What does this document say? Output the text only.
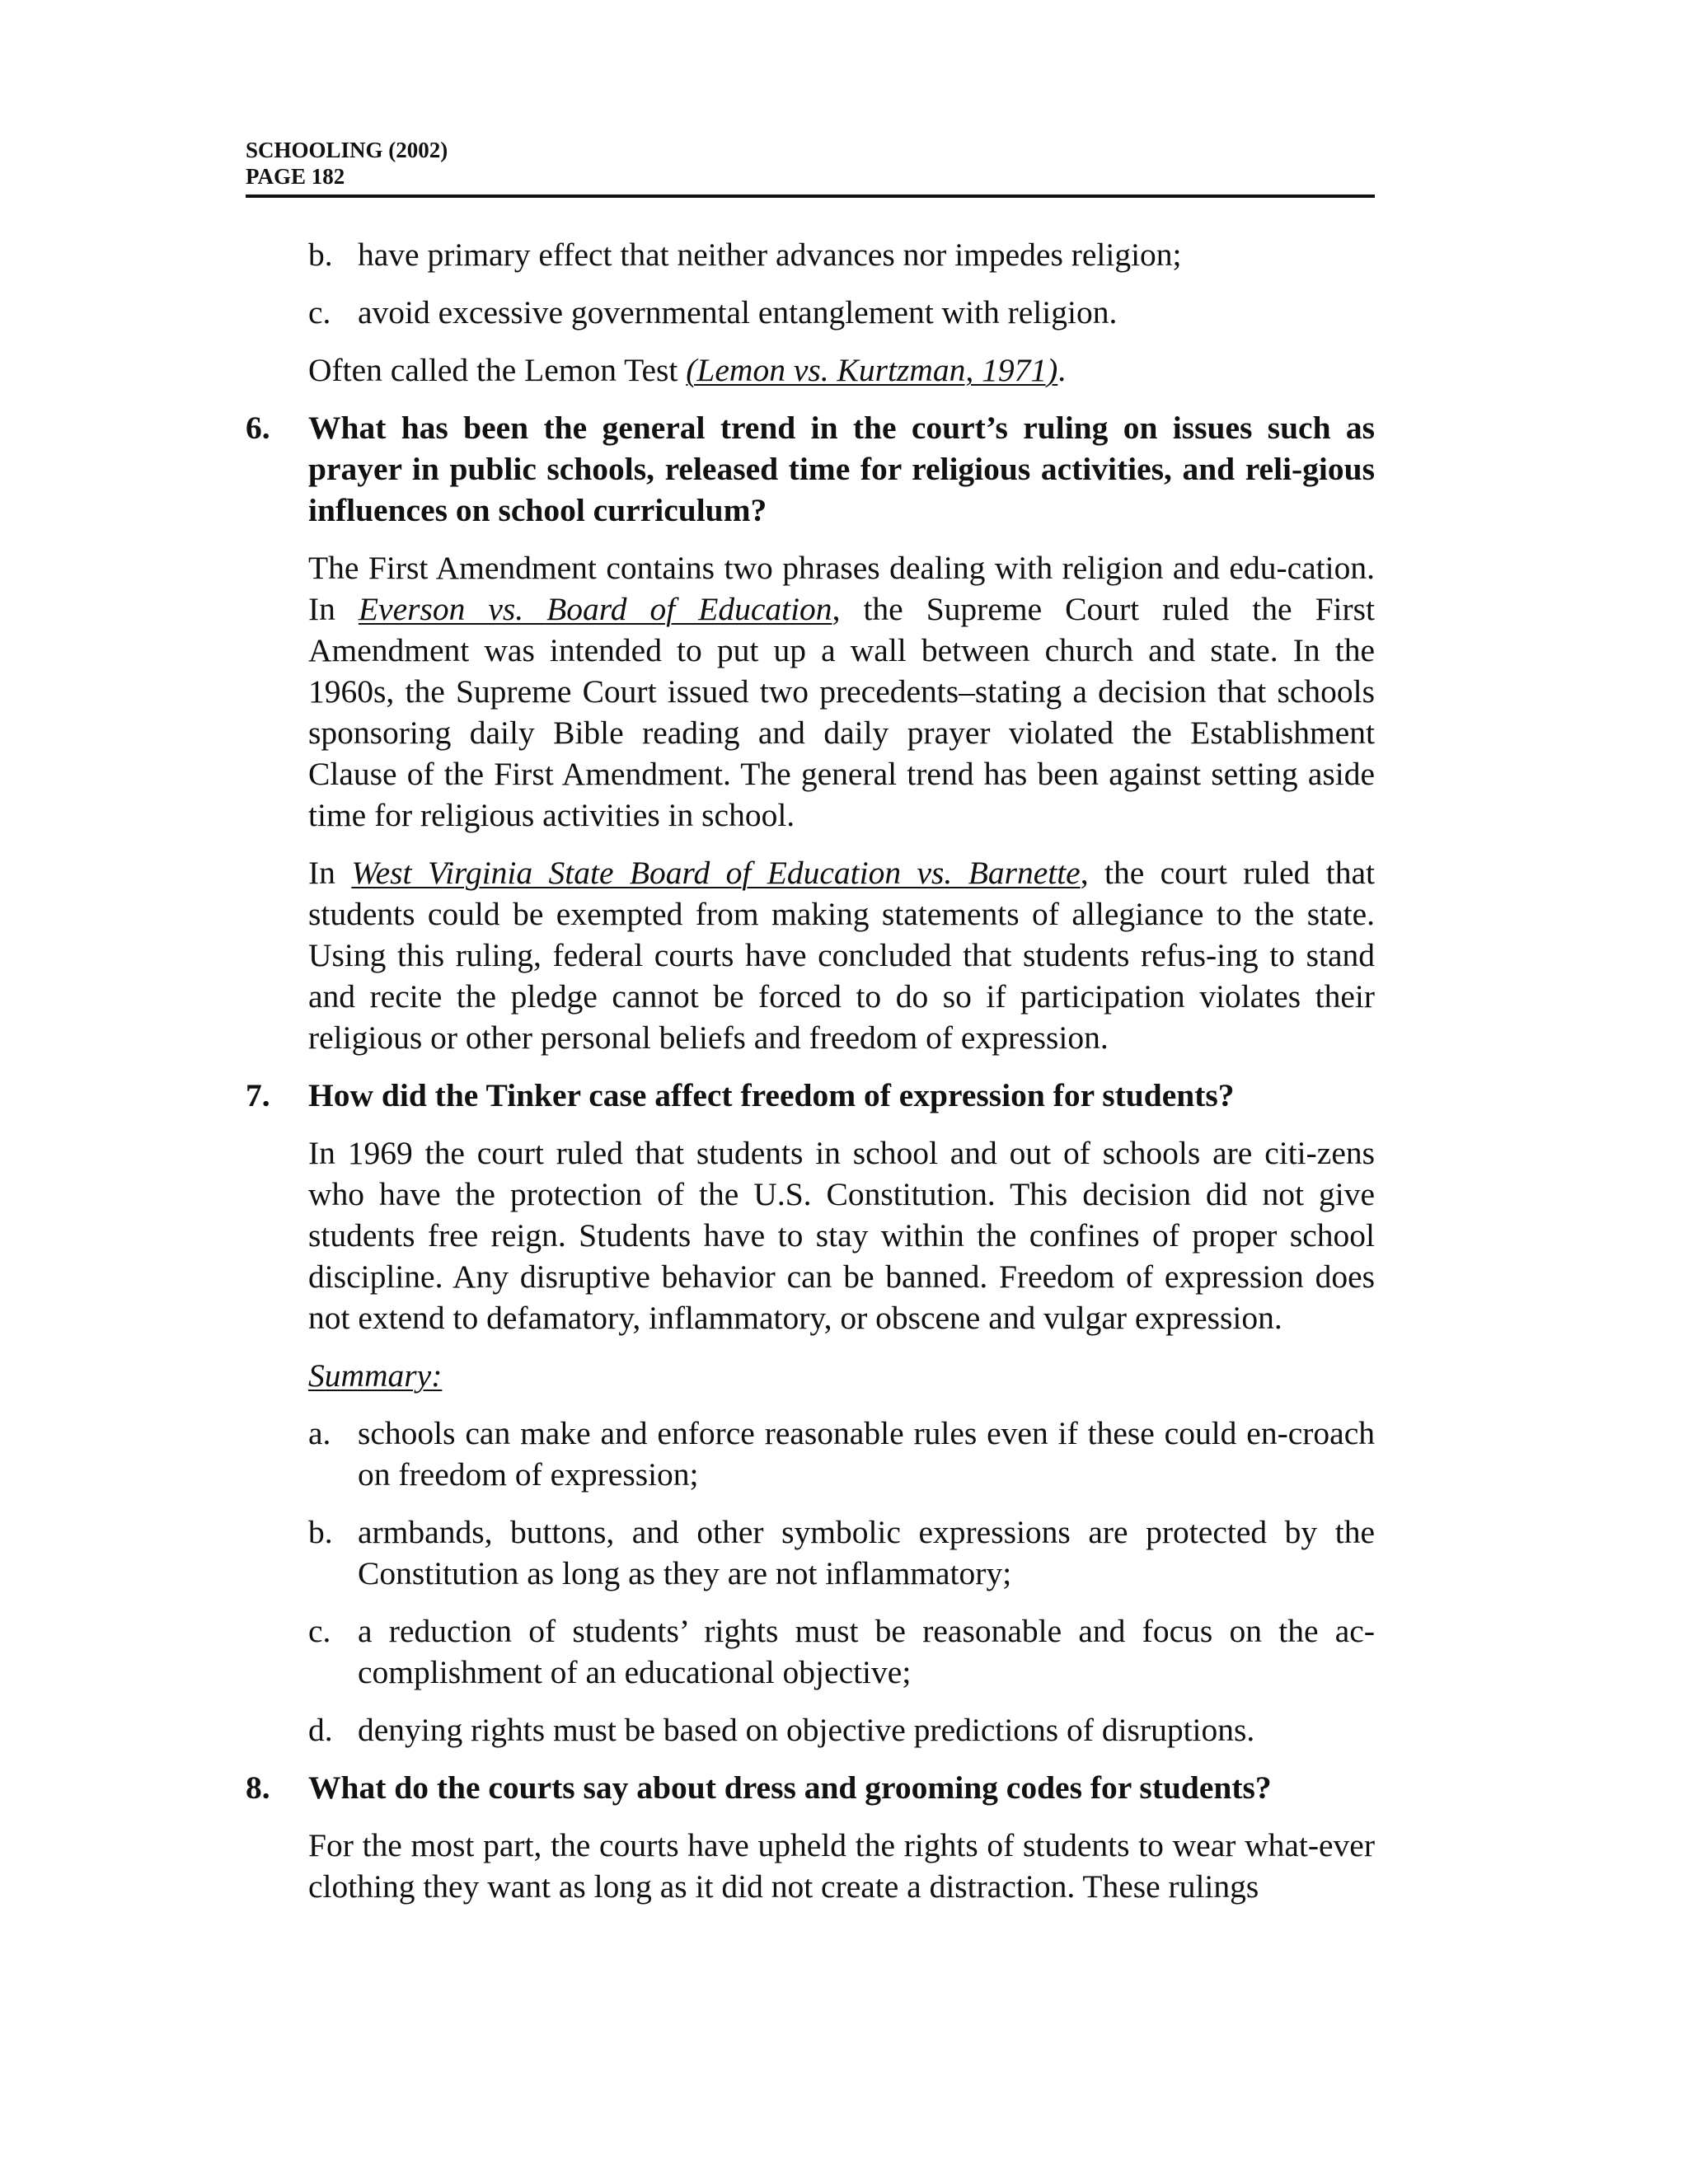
SCHOOLING (2002)
PAGE 182
b. have primary effect that neither advances nor impedes religion;
c. avoid excessive governmental entanglement with religion.
Often called the Lemon Test (Lemon vs. Kurtzman, 1971).
6. What has been the general trend in the court’s ruling on issues such as prayer in public schools, released time for religious activities, and reli-gious influences on school curriculum?
The First Amendment contains two phrases dealing with religion and edu-cation. In Everson vs. Board of Education, the Supreme Court ruled the First Amendment was intended to put up a wall between church and state. In the 1960s, the Supreme Court issued two precedents–stating a decision that schools sponsoring daily Bible reading and daily prayer violated the Establishment Clause of the First Amendment. The general trend has been against setting aside time for religious activities in school.
In West Virginia State Board of Education vs. Barnette, the court ruled that students could be exempted from making statements of allegiance to the state. Using this ruling, federal courts have concluded that students refus-ing to stand and recite the pledge cannot be forced to do so if participation violates their religious or other personal beliefs and freedom of expression.
7. How did the Tinker case affect freedom of expression for students?
In 1969 the court ruled that students in school and out of schools are citi-zens who have the protection of the U.S. Constitution. This decision did not give students free reign. Students have to stay within the confines of proper school discipline. Any disruptive behavior can be banned. Freedom of expression does not extend to defamatory, inflammatory, or obscene and vulgar expression.
Summary:
a. schools can make and enforce reasonable rules even if these could en-croach on freedom of expression;
b. armbands, buttons, and other symbolic expressions are protected by the Constitution as long as they are not inflammatory;
c. a reduction of students’ rights must be reasonable and focus on the ac-complishment of an educational objective;
d. denying rights must be based on objective predictions of disruptions.
8. What do the courts say about dress and grooming codes for students?
For the most part, the courts have upheld the rights of students to wear what-ever clothing they want as long as it did not create a distraction. These rulings
